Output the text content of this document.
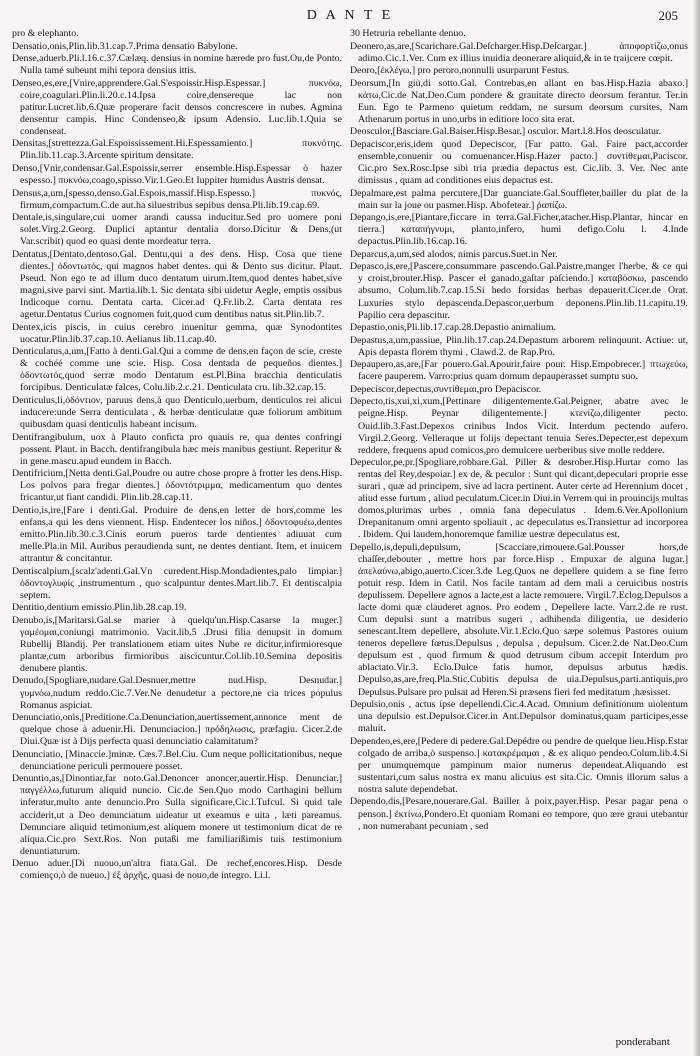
D A N T E	205

pro & elephanto.

Densatio,onis,Plin.lib.31.cap.7.Prima densatio Babylone.

Dense,aduerb.Pli.l.16.c.37.Cælæq. densius in nomine hærede pro fust.Ou,de Ponto. Nulla tamé subeunt mihi tepora densius ittis.

Denseo,es,ere,[Vnire,apprendere.Gal.S'espoissir.Hisp.Espessar.] πυκνόω, coire,coagulari.Plin.li.20.c.14.Ipsa coire,densereque lac non patitur.Lucret.lib.6.Quæ properare facit densos concrescere in nubes. Agmina densentur campis. Hinc Condenseo,& ipsum Adensio. Luc.lib.1.Quia se condenseat.

Densitas,[strettezza.Gal.Espoississement.Hi.Espessamiento.] πυκνότης. Plin.lib.11.cap.3.Arcente spiritum densitate.

Denso,[Vnir,condensar.Gal.Espoissir,serrer ensemble.Hisp.Espessar ò hazer espesso.] πυκνόω,coago,spisso.Vir.1.Geo.Et Iuppiter humidus Austris densat.

Densus,a,um,[spesso,denso.Gal.Espois,massif.Hisp.Espesso.] πυκνός, firmum,compactum.C.de aut.ha siluestribus sepibus densa.Pli.lib.19.cap.69.

Dentale,is,singulare,cui uomer arandi caussa inducitur.Sed pro uomere poni solet.Virg.2.Georg. Duplici aptantur dentalia dorso.Dicitur & Dens,(ut Var.scribit) quod eo quasi dente mordeatur terra.

Dentatus,[Dentato,dentoso.Gal. Dentu,qui a des dens. Hisp. Cosa que tiene dientes.] ὀδοντωτός, qui magnos habet dentes. qui & Dento sus dicitur. Plaut. Pseud. Non ego te ad illum duco dentatum uirum.Item,quod dentes habet,sive magni,sive parvi sint. Martia.lib.1. Sic dentata sibi uidetur Aegle, emptis ossibus Indicoque cornu. Dentata carta. Cicer.ad Q.Fr.lib.2. Carta dentata res agetur.Dentatus Curius cognomen fuit,quod cum dentibus natus sit.Plin.lib.7.

Dentex,icis piscis, in cuius cerebro inuenitur gemma, quæ Synodontites uocatur.Plin.lib.37.cap.10. Aelianus lib.11.cap.40.

Denticulatus,a,um,[Fatto à denti.Gal.Qui a comme de dens,en façon de scie, creste & cochéé comme une scie. Hisp. Cosa dentada de pequeños dientes.] ὀδοντωτός,quod serræ modo Dentatum est.Pl.Bina bracchia denticulatis forcipibus. Denticulatæ falces, Colu.lib.2.c.21. Denticulata cru. lib.32.cap.15.

Denticulus,li,ὀδόντιον, paruus dens,à quo Denticulo,uerbum, denticulos rei alicui inducere:unde Serra denticulata , & herbæ denticulatæ quæ foliorum ambitum quibusdam quasi denticulis habeant incisum.

Dentifrangibulum, uox à Plauto conficta pro quauis re, qua dentes confringi possent. Plaut. in Bacch. dentifrangibula hæc meis manibus gestiunt. Reperitur & in gene.mascu.apud eundem in Bacch.

Dentifricium,[Netta denti.Gal.Poudre ou autre chose propre à frotter les dens.Hisp. Los polvos para fregar dientes.] ὀδοντότριμμα, medicamentum quo dentes fricantur,ut fiant candidi. Plin.lib.28.cap.11.

Dentio,is,ire,[Fare i denti.Gal. Produire de dens,en letter de hors,comme les enfans,a qui les dens viennent. Hisp. Endentecer los niños.] ὀδοντοφυέω,dentes emitto.Plin.lib.30.c.3.Cinis eorum pueros tarde dentientes adiuuat cum melle.Pla.in Mil. Auribus peraudienda sunt, ne dentes dentiant. Item, et inuicem attrantur & concitantur.

Dentiscalpium,[scalz'adenti.Gal.Vn curedent.Hisp.Mondadientes,palo limpiar.] ὀδοντογλυφίς ,instrumentum , quo scalpuntur dentes.Mart.lib.7. Et dentiscalpia septem.

Dentitio,dentium emissio.Plin.lib.28.cap.19.

Denubo,is,[Maritarsi.Gal.se marier à quelqu'un.Hisp.Casarse la muger.] γαμέομαι,coniungi matrimonio. Vacit.lib.5 .Drusi filia denupsit in domum Rubellij Blandij. Per translationem etiam uites Nube re dicitur,infirmioresque plantæ,cum arboribus firmioribus aiscicuntur.Col.lib.10.Semina depositis denubere plantis.

Denudo,[Spogliare,nudare.Gal.Desnuer,mettre nud.Hisp. Desnudar.] γυμνόω,nudum reddo.Cic.7.Ver.Ne denudetur a pectore,ne cia trices populus Romanus aspiciat.

Denunciatio,onis,[Preditione.Ca.Denunciation,auertissement,annonce ment de quelque chose à aduenir.Hi. Denunciacion.] πρόδηλωσις, præfagiu. Cicer.2.de Diui.Quæ ist à Dijs perfecta quasi denunciatio calamitatum?

Denunciatio, [Minaccie.]minæ. Cæs.7.Bel.Ciu. Cum neque pollicitationibus, neque denunciatione periculi permouere posset.

Denuntio,as,[Dinontiar,far noto.Gal.Denoncer anoncer,auertir.Hisp. Denunciar.] παγγέλλω,futurum aliquid nuncio. Cic.de Sen.Quo modo Carthagini bellum inferatur,multo ante denuncio.Pro Sulla significare,Cic.l.Tufcul. Si quid tale acciderit,ut a Deo denunciatum uideatur ut exeamus e uita , læti pareamus. Denunciare aliquid tetimonium,est aliquem monere ut testimonium dicat de re aliqua.Cic.pro Sext.Ros. Non putaßi me familiarißimis tuis testimonium denuntiaturum.

Denuo aduer.[Di nuouo,un'altra fiata.Gal. De rechef,encores.Hisp. Desde comienço,ò de nueuo.] ἐξ ἀρχῆς, quasi de nouo,de integro. Li.l.

30 Hetruria rebellante denuo.

Deonero,as,are,[Scarichare.Gal.Deſcharger.Hisp.Deſcargar.] ἀποφορτίζω,onus adimo.Cic.1.Ver. Cum ex illius inuidia deonerare aliquid,& in te traijcere cœpit.

Deoro,[ἐκλέγω,] pro peroro,nonnulli usurparunt Festus.

Deorsum,[In giù,di sotto.Gal. Contrebas,en allant en bas.Hisp.Hazia abaxo.] κάτω,Cic.de Nat.Deo.Cum pondere & grauitate directo deorsum ferantur. Ter.in Eun. Ego te Parmeno quietum reddam, ne sursum deorsum cursites, Nam Athenarum portus in uno,urbs in editiore loco sita erat.

Deosculor,[Basciare.Gal.Baiser.Hisp.Besar.] osculor. Mart.l.8.Hos deosculatur.

Depaciscor,eris,idem quod Depeciscor, [Far patto. Gal. Faire pact,accorder ensemble,conuenir ou comuenancer.Hisp.Hazer pacto.] συντίθεμαι,Paciscor. Cic.pro Sex.Rosc.Ipse sibi tria prædia depactus est. Cic.lib. 3. Ver. Nec ante dimissus , quam ad conditiones eius depactus est.

Depalmare,est palma percutere,[Dar guanciate.Gal.Souffleter,bailler du plat de la main sur la joue ou pasmer.Hisp. Abofetear.] ῥαπίζω.

Depango,is,ere,[Piantare,ficcare in terra.Gal.Ficher,atacher.Hisp.Plantar, hincar en tierra.] καταπήγνυμι, planto,infero, humi defigo.Colu l. 4.Inde depactus.Plin.lib.16.cap.16.

Deparcus,a,um,sed alodos, nimis parcus.Suet.in Ner.

Depasco,is,ere,[Pascere,consummare pascendo.Gal.Paistre,manger l'herbe, & ce qui y croist,brouter.Hisp. Pascer el ganado,gaſtar paſciendo.] καταβόσκω, pascendo absumo, Colum.lib.7.cap.15.Si hedo forsidas herbas depauerit.Cicer.de Orat. Luxuries stylo depascenda.Depascor,uerbum deponens.Plin.lib.11.capitu.19. Papilio cera depascitur.

Depastio,onis,Pli.lib.17.cap.28.Depastio animalium.

Depastus,a,um,passiue, Plin.lib.17.cap.24.Depastum arborem relinquunt. Actiue: ut, Apis depasta florem thymi , Clawd.2. de Rap.Pro.

Depaupero,as,are,[Far pouero.Gal.Apourir,faire pour. Hisp.Empobrecer.] πτωχεύω, facere pauperem. Varro:prius quam domum depauperasset sumptu suo.

Depeciscor,depectus,συντίθεμαι,pro Depaciscor.

Depecto,tis,xui,xi,xum,[Pettinare diligentemente.Gal.Peigner, abatre avec le peigne.Hisp. Peynar diligentemente.] κτενίζω,diligenter pecto. Ouid.lib.3.Fast.Depexos crinibus Indos Vicit. Interdum pectendo aufero. Virgil.2.Georg. Velleraque ut folijs depectant tenuia Seres.Depecter,est depexum reddere, frequens apud comicos,pro demulcere uerberibus sive molle reddere.

Depeculor,pe,pr.[Spogliare,robbare.Gal. Piller & desrober.Hisp.Hurtar como las rentas del Rey,despoiar.] ex de, & peculor : Sunt qui dicant,depeculari proprie esse surari , quæ ad principem, sive ad lacra pertinent. Auter certe ad Herennium docet , aliud esse furtum , aliud peculatum.Cicer.in Diui.in Verrem qui in prouincijs multas domos,plurimas urbes , omnia fana depeculatus . Idem.6.Ver.Apollonium Drepanitanum omni argento spoliauit , ac depeculatus es.Transiettur ad incorporea . Ibidem. Qui laudem,honoremque familiæ uestræ depeculatus est.

Depello,is,depuli,depulsum, [Scacciare,rimouere.Gal.Pousser hors,de chaſſer,debouter , mettre hors par force.Hisp . Empuxar de alguna lugar.] ἀπελαύνω,abigo,auerto.Cicer.3.de Leg.Quos ne depellere quidem a se fine ferro potuit resp. Idem in Catil. Nos facile tantam ad dem mali a ceruicibus nostris depulissem. Depellere agnos a lacte,est a lacte remouere. Virgil.7.Eclog.Depulsos a lacte domi quæ clauderet agnos. Pro eodem , Depellere lacte. Varr.2.de re rust. Cum depulsi sunt a matribus sugeri , adhibenda diligentia, ue desiderio senescant.Item depellere, absolute.Vir.1.Eclo.Quo sæpe solemus Pastores ouium teneros depellere fœtus.Depulsus , depulsa , depulsum. Cicer.2.de Nat.Deo.Cum depulsum est , quod firmum & quod detrusum cibum accepit Interdum pro ablactato.Vir.3. Eclo.Dulce fatis humor, depulsus arbutus hædis. Depulso,as,are,freq.Pla.Stic.Cubitis depulsa de uia.Depulsus,parti.antiquis,pro Depulsus.Pulsare pro pulsat ad Heren.Si præsens fieri fed meditatum ,hæsisset.

Depulsio,onis , actus ipse depellendi.Cic.4.Acad. Omnium definitionum uiolentum una depulsio est.Depulsor.Cicer.in Ant.Depulsor dominatus,quam participes,esse maluit.

Dependeo,es,ere,[Pedere di pedere.Gal.Depédre ou pendre de quelque lieu.Hisp.Estar colgado de arriba,ò suspenso.] κατακρέμαμαι , & ex aliquo pendeo.Colum.lib.4.Si per unumquemque pampinum maior numerus dependeat.Aliquando est sustentari,cum salus nostra ex manu alicuius est sita.Cic. Omnis illorum salus a nostra salute dependebat.

Dependo,dis,[Pesare,nouerare.Gal. Bailler à poix,payer.Hisp. Pesar pagar pena o penson.] ἐκτίνω,Pondero.Et quoniam Romani eo tempore, quo ære graui utebantur , non numerabant pecuniam , sed

ponderabant
